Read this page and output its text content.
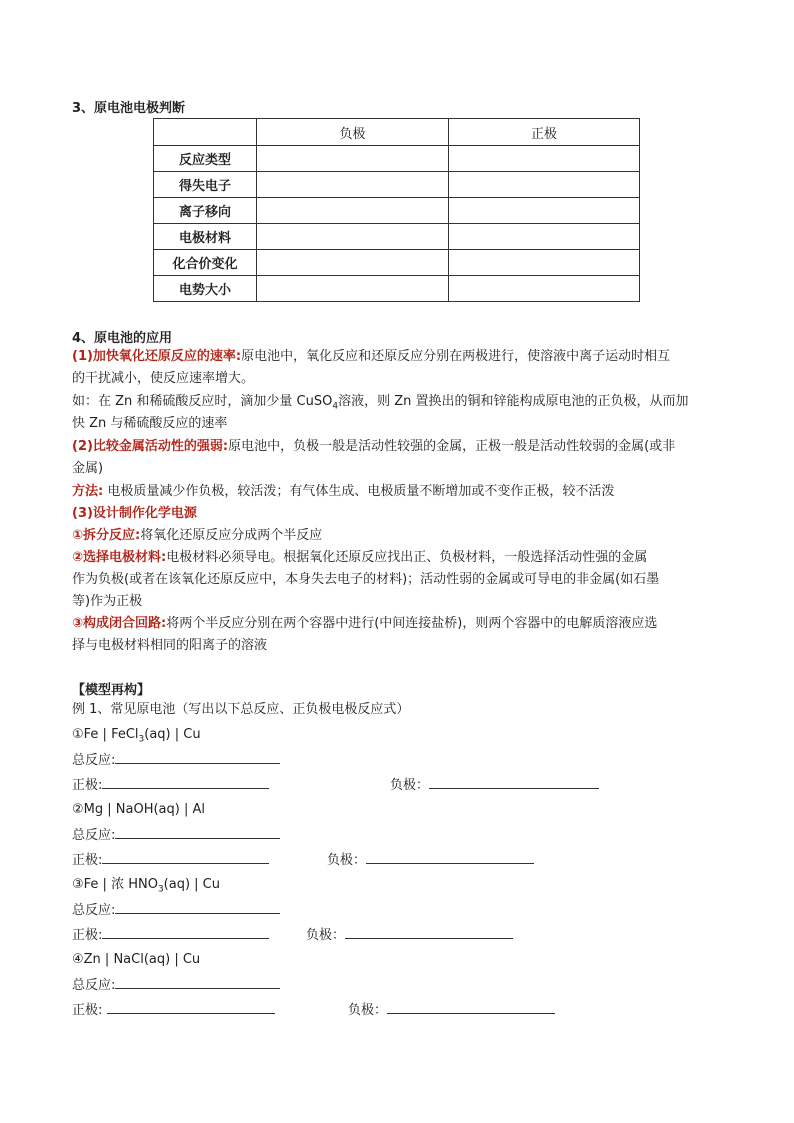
3、原电池电极判断
	负极	正极
反应类型		
得失电子		
离子移向		
电极材料		
化合价变化		
电势大小		
4、原电池的应用
(1)加快氧化还原反应的速率:原电池中，氧化反应和还原反应分别在两极进行，使溶液中离子运动时相互
的干扰减小，使反应速率增大。
如：在 Zn 和稀硫酸反应时，滴加少量 CuSO$_4$溶液，则 Zn 置换出的铜和锌能构成原电池的正负极，从而加
快 Zn 与稀硫酸反应的速率
(2)比较金属活动性的强弱:原电池中，负极一般是活动性较强的金属，正极一般是活动性较弱的金属(或非
金属)
方法: 电极质量减少作负极，较活泼；有气体生成、电极质量不断增加或不变作正极，较不活泼
(3)设计制作化学电源
①拆分反应:将氧化还原反应分成两个半反应
②选择电极材料:电极材料必须导电。根据氧化还原反应找出正、负极材料，一般选择活动性强的金属
作为负极(或者在该氧化还原反应中，本身失去电子的材料)；活动性弱的金属或可导电的非金属(如石墨
等)作为正极
③构成闭合回路:将两个半反应分别在两个容器中进行(中间连接盐桥)，则两个容器中的电解质溶液应选
择与电极材料相同的阳离子的溶液
【模型再构】
例 1、常见原电池（写出以下总反应、正负极电极反应式）
①Fe | FeCl$_3$(aq) | Cu
总反应:
正极:	负极：
②Mg | NaOH(aq) | Al
总反应:
正极:	负极：
③Fe | 浓 $HNO_3(aq)$ | Cu
总反应:
正极:	负极：
④Zn | NaCl(aq) | Cu
总反应:
正极:	负极：
